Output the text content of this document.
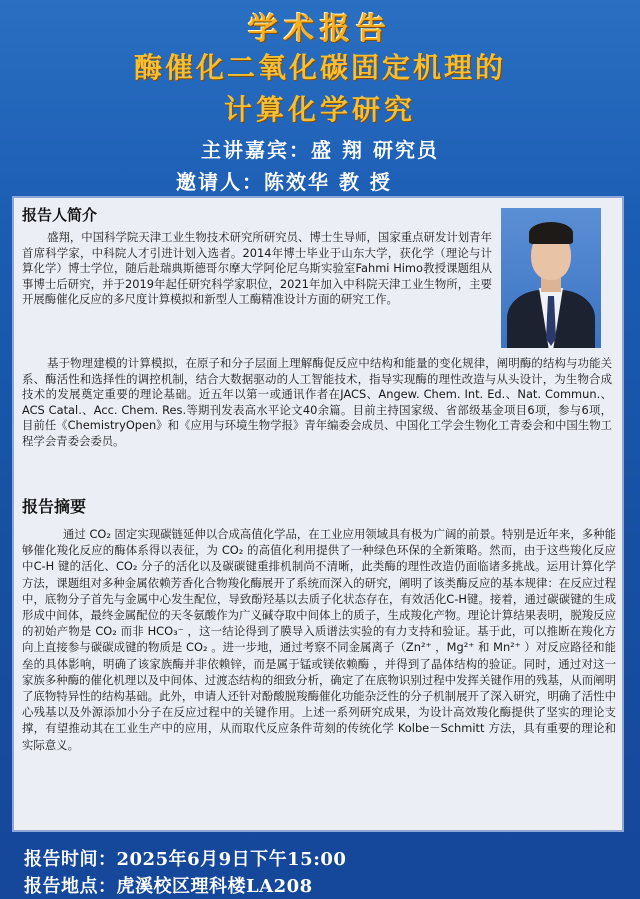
学术报告
酶催化二氧化碳固定机理的
计算化学研究
主讲嘉宾：盛 翔 研究员
邀请人：陈效华 教 授
报告人简介

盛翔，中国科学院天津工业生物技术研究所研究员、博士生导师，国家重点研发计划青年首席科学家，中科院人才引进计划入选者。2014年博士毕业于山东大学，获化学（理论与计算化学）博士学位，随后赴瑞典斯德哥尔摩大学阿伦尼乌斯实验室Fahmi Himo教授课题组从事博士后研究，并于2019年起任研究科学家职位，2021年加入中科院天津工业生物所，主要开展酶催化反应的多尺度计算模拟和新型人工酶精准设计方面的研究工作。

基于物理建模的计算模拟，在原子和分子层面上理解酶促反应中结构和能量的变化规律，阐明酶的结构与功能关系、酶活性和选择性的调控机制，结合大数据驱动的人工智能技术，指导实现酶的理性改造与从头设计，为生物合成技术的发展奠定重要的理论基础。近五年以第一或通讯作者在JACS、Angew. Chem. Int. Ed.、Nat. Commun.、ACS Catal.、Acc. Chem. Res.等期刊发表高水平论文40余篇。目前主持国家级、省部级基金项目6项，参与6项，目前任《ChemistryOpen》和《应用与环境生物学报》青年编委会成员、中国化工学会生物化工青委会和中国生物工程学会青委会委员。

报告摘要

通过 CO₂ 固定实现碳链延伸以合成高值化学品，在工业应用领域具有极为广阔的前景。特别是近年来，多种能够催化羧化反应的酶体系得以表征，为 CO₂ 的高值化利用提供了一种绿色环保的全新策略。然而，由于这些羧化反应中C-H 键的活化、CO₂ 分子的活化以及碳碳键重排机制尚不清晰，此类酶的理性改造仍面临诸多挑战。运用计算化学方法，课题组对多种金属依赖芳香化合物羧化酶展开了系统而深入的研究，阐明了该类酶反应的基本规律：在反应过程中，底物分子首先与金属中心发生配位，导致酚羟基以去质子化状态存在，有效活化C-H键。接着，通过碳碳键的生成形成中间体，最终金属配位的天冬氨酸作为广义碱夺取中间体上的质子，生成羧化产物。理论计算结果表明，脱羧反应的初始产物是 CO₂ 而非 HCO₃⁻ ，这一结论得到了膜导入质谱法实验的有力支持和验证。基于此，可以推断在羧化方向上直接参与碳碳成键的物质是 CO₂ 。进一步地，通过考察不同金属离子（Zn²⁺ ，Mg²⁺ 和 Mn²⁺ ）对反应路径和能垒的具体影响，明确了该家族酶并非依赖锌，而是属于锰或镁依赖酶 ，并得到了晶体结构的验证。同时，通过对这一家族多种酶的催化机理以及中间体、过渡态结构的细致分析，确定了在底物识别过程中发挥关键作用的残基，从而阐明了底物特异性的结构基础。此外，申请人还针对酚酸脱羧酶催化功能杂泛性的分子机制展开了深入研究，明确了活性中心残基以及外源添加小分子在反应过程中的关键作用。上述一系列研究成果，为设计高效羧化酶提供了坚实的理论支撑，有望推动其在工业生产中的应用，从而取代反应条件苛刻的传统化学 Kolbe－Schmitt 方法，具有重要的理论和实际意义。

报告时间：2025年6月9日下午15:00
报告地点：虎溪校区理科楼LA208
